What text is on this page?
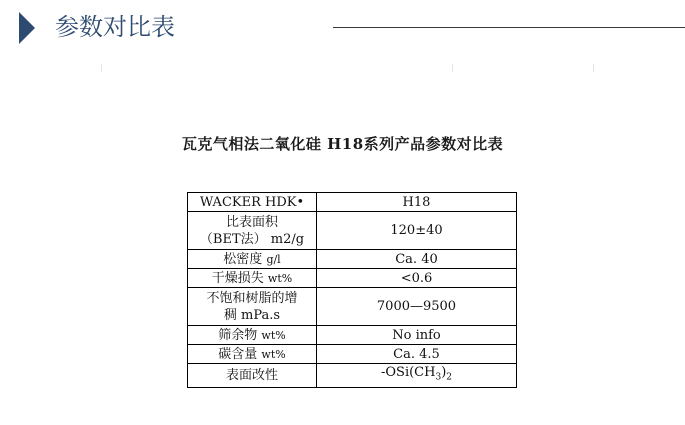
参数对比表
瓦克气相法二氧化硅 H18系列产品参数对比表
WACKER HDK•	H18

比表面积
（BET法） m2/g	120±40
松密度 g/l	Ca. 40
干燥损失 wt%	<0.6

不饱和树脂的增
稠 mPa.s	7000—9500
筛余物 wt%	No info
碳含量 wt%	Ca. 4.5
表面改性	$-OSi(CH_3)_2$
